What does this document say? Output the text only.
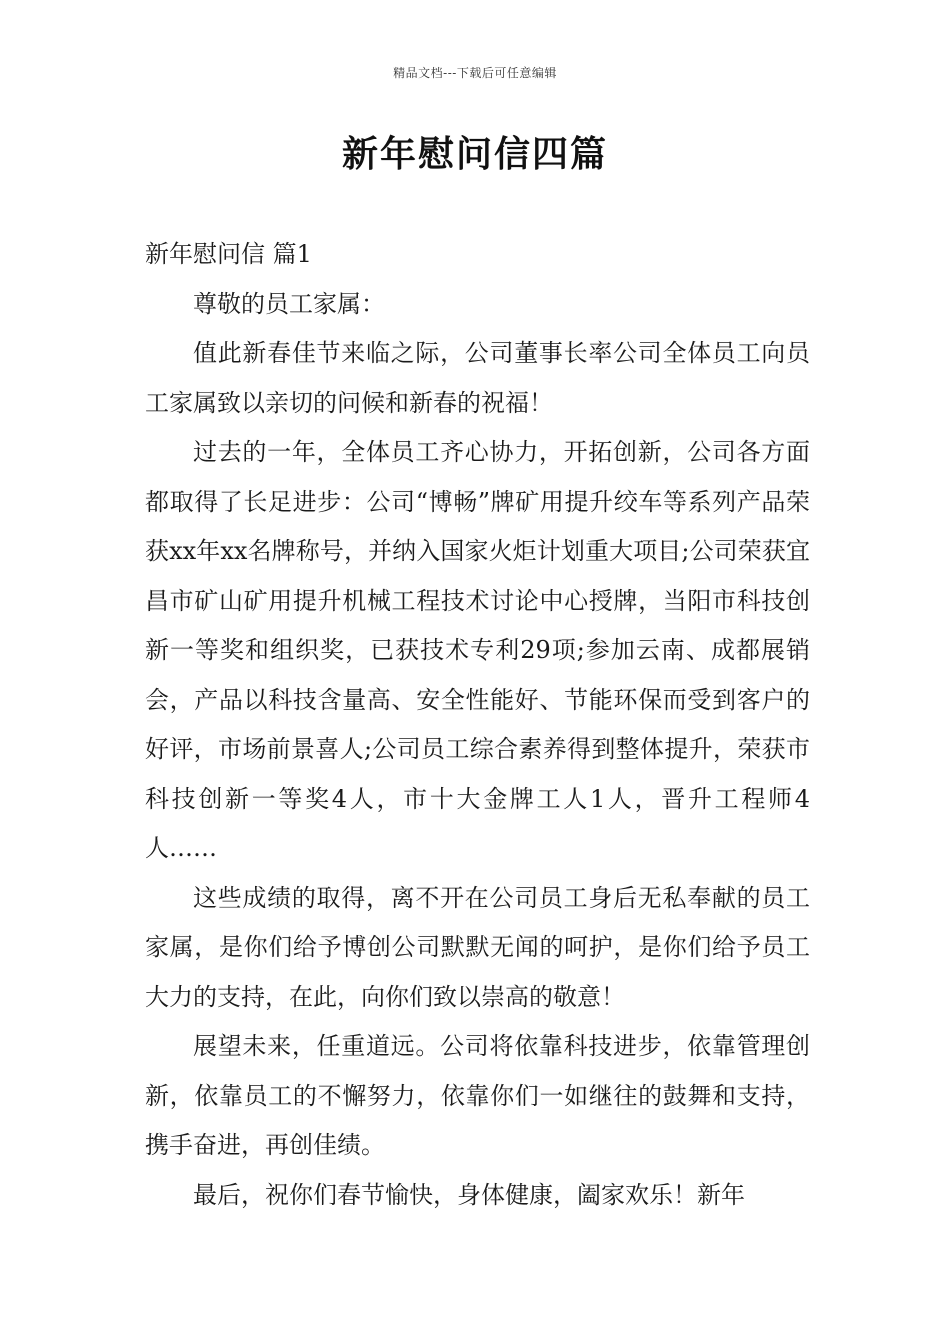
精品文档---下载后可任意编辑
新年慰问信四篇

新年慰问信 篇1

尊敬的员工家属：

值此新春佳节来临之际，公司董事长率公司全体员工向员工家属致以亲切的问候和新春的祝福！

过去的一年，全体员工齐心协力，开拓创新，公司各方面都取得了长足进步：公司“博畅”牌矿用提升绞车等系列产品荣获xx年xx名牌称号，并纳入国家火炬计划重大项目;公司荣获宜昌市矿山矿用提升机械工程技术讨论中心授牌，当阳市科技创新一等奖和组织奖，已获技术专利29项;参加云南、成都展销会，产品以科技含量高、安全性能好、节能环保而受到客户的好评，市场前景喜人;公司员工综合素养得到整体提升，荣获市科技创新一等奖4人，市十大金牌工人1人，晋升工程师4人……

这些成绩的取得，离不开在公司员工身后无私奉献的员工家属，是你们给予博创公司默默无闻的呵护，是你们给予员工大力的支持，在此，向你们致以崇高的敬意！

展望未来，任重道远。公司将依靠科技进步，依靠管理创新，依靠员工的不懈努力，依靠你们一如继往的鼓舞和支持，携手奋进，再创佳绩。

最后，祝你们春节愉快，身体健康，阖家欢乐！新年
